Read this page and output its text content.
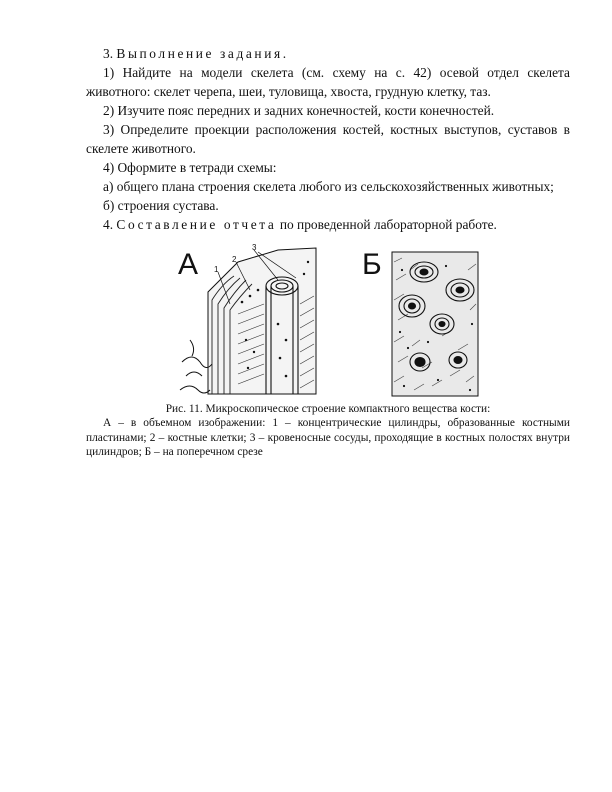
3. Выполнение задания.

1) Найдите на модели скелета (см. схему на с. 42) осевой отдел скелета животного: скелет черепа, шеи, туловища, хвоста, грудную клетку, таз.

2) Изучите пояс передних и задних конечностей, кости конечностей.

3) Определите проекции расположения костей, костных выступов, суставов в скелете животного.

4) Оформите в тетради схемы:

а) общего плана строения скелета любого из сельскохозяйственных животных;

б) строения сустава.

4. Составление отчета по проведенной лабораторной работе.

А 1
2
3
Б

Рис. 11. Микроскопическое строение компактного вещества кости:

А – в объемном изображении: 1 – концентрические цилиндры, образованные костными пластинами; 2 – костные клетки; 3 – кровеносные сосуды, проходящие в костных полостях внутри цилиндров; Б – на поперечном срезе
